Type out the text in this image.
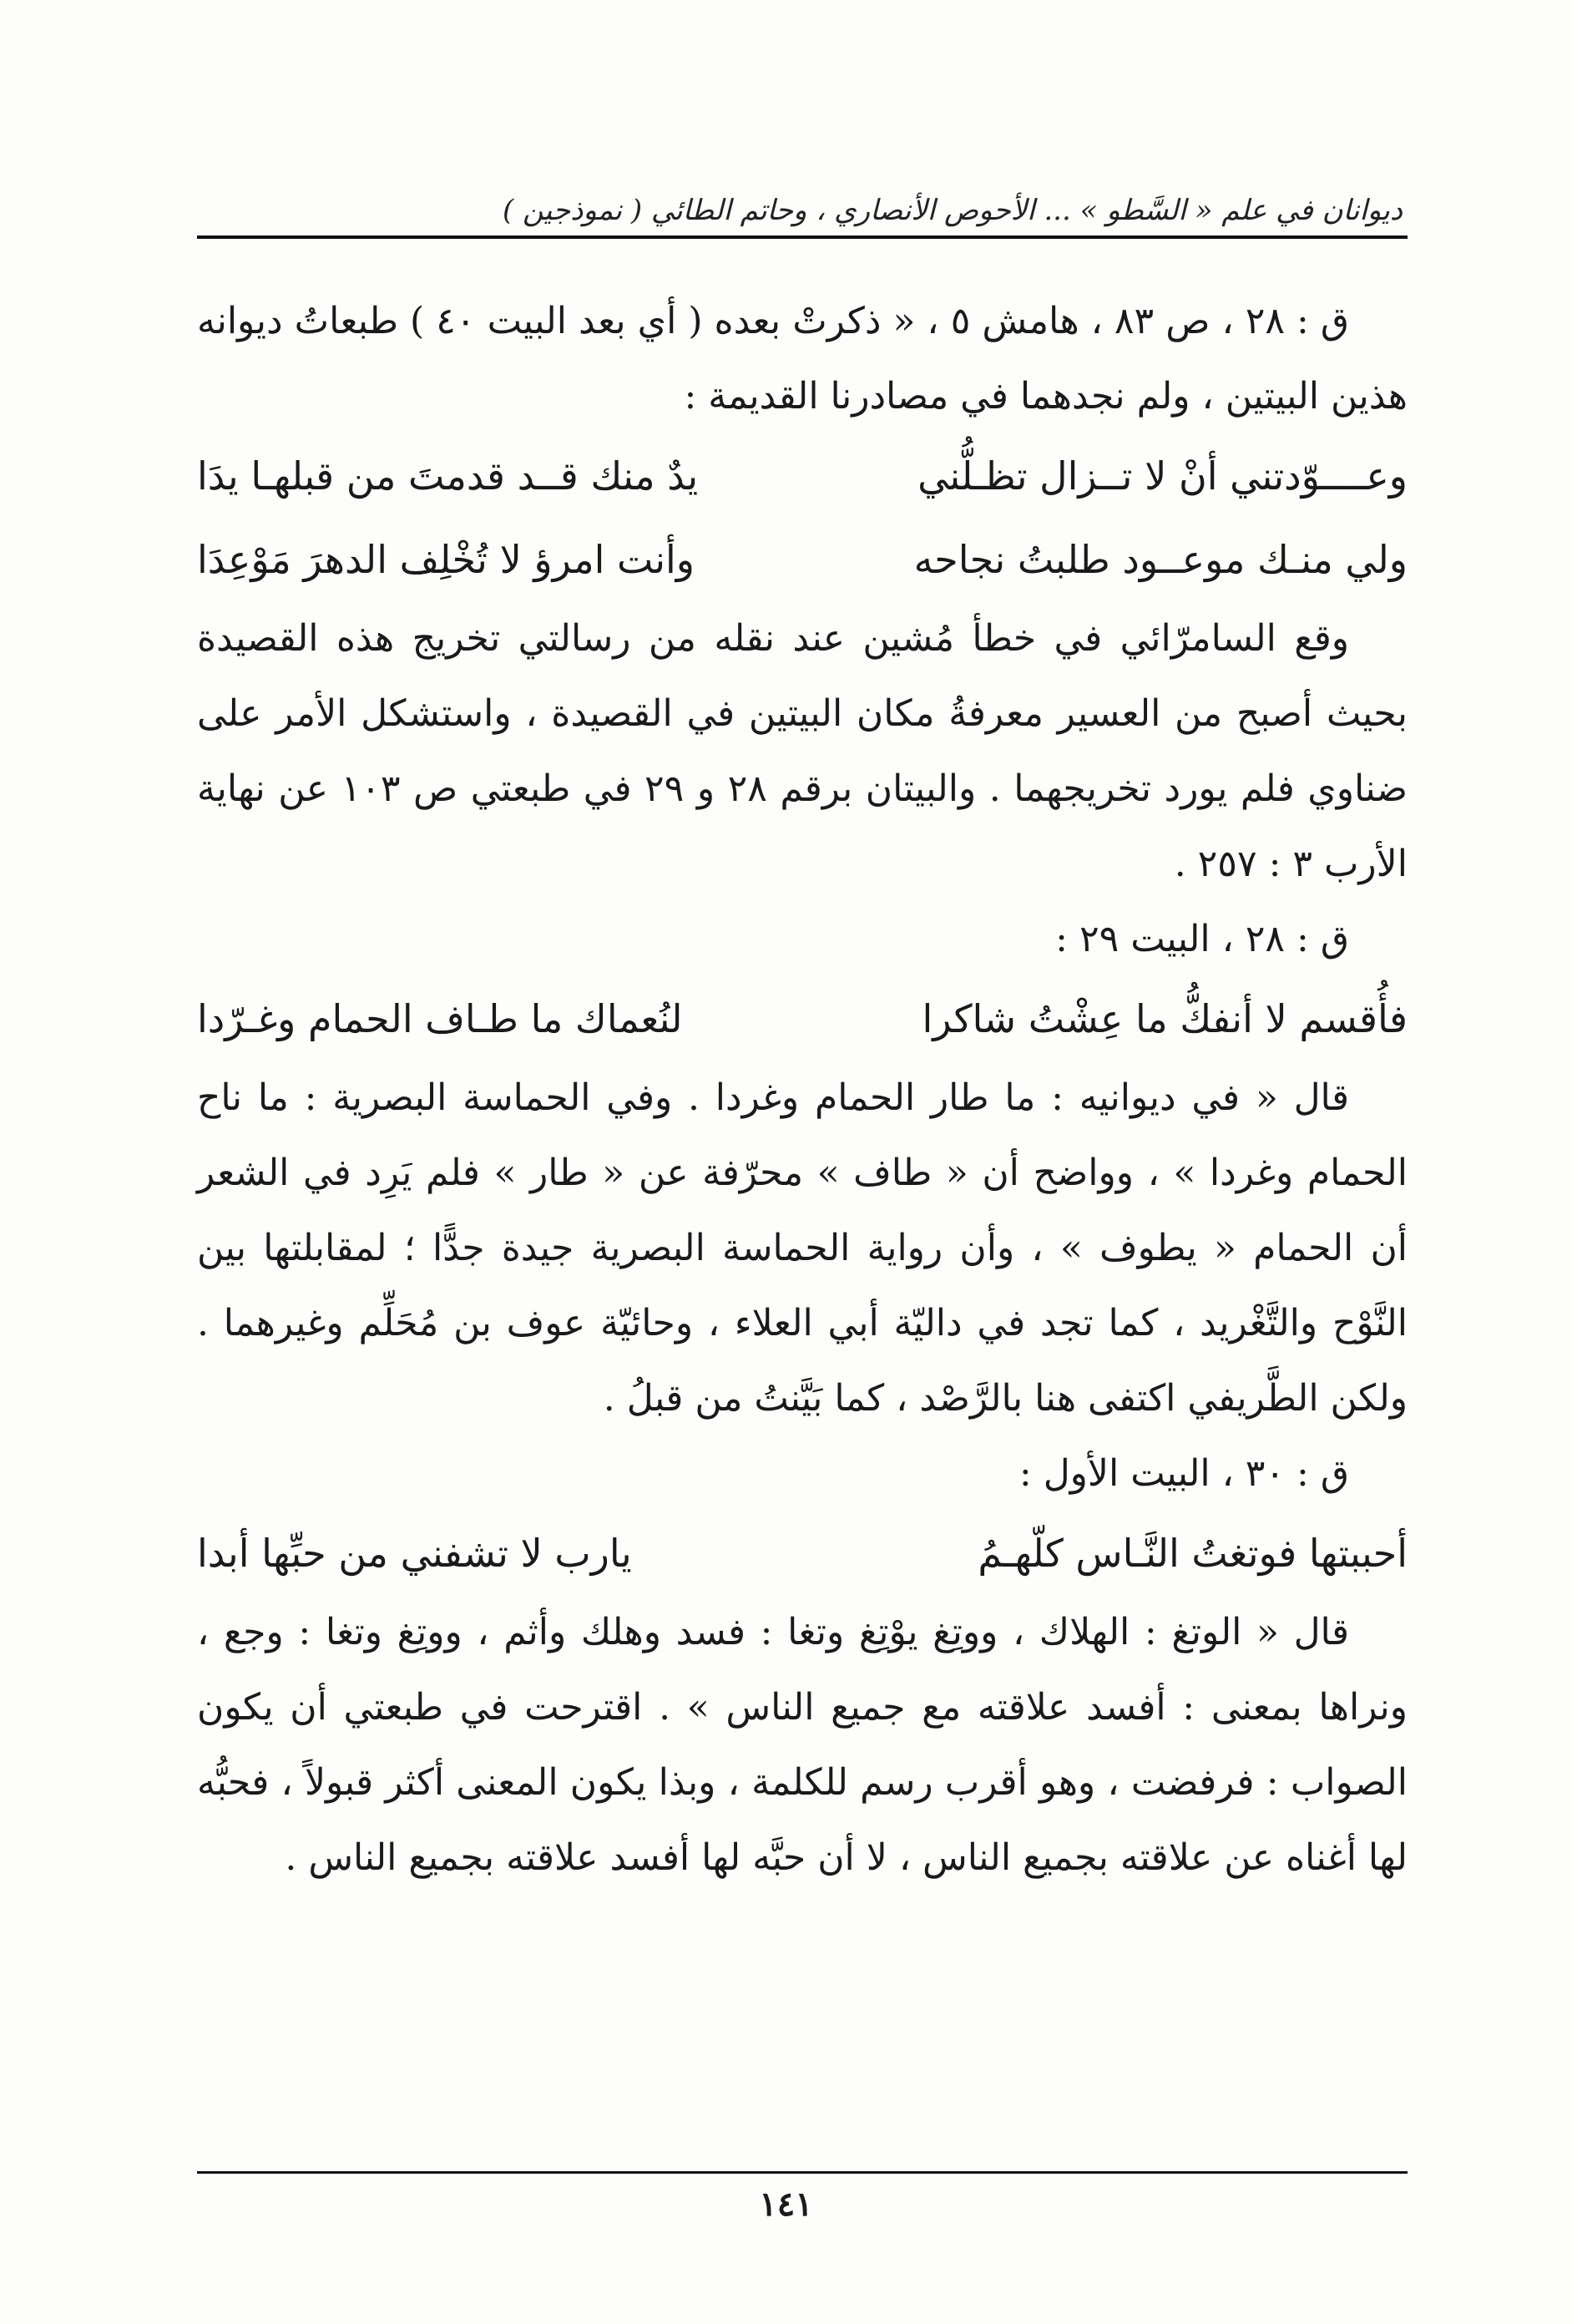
ديوانان في علم « السَّطو » ... الأحوص الأنصاري ، وحاتم الطائي ( نموذجين )

ق : ٢٨ ، ص ٨٣ ، هامش ٥ ، « ذكرتْ بعده ( أي بعد البيت ٤٠ ) طبعاتُ ديوانه هذين البيتين ، ولم نجدهما في مصادرنا القديمة :

وعــــوّدتني أنْ لا تــزال تظـلُّني
يدٌ منك قــد قدمتَ من قبلهـا يدَا
ولي منـك موعــود طلبتُ نجاحه
وأنت امرؤ لا تُخْلِف الدهرَ مَوْعِدَا

وقع السامرّائي في خطأ مُشين عند نقله من رسالتي تخريج هذه القصيدة بحيث أصبح من العسير معرفةُ مكان البيتين في القصيدة ، واستشكل الأمر على ضناوي فلم يورد تخريجهما . والبيتان برقم ٢٨ و ٢٩ في طبعتي ص ١٠٣ عن نهاية الأرب ٣ : ٢٥٧ .

ق : ٢٨ ، البيت ٢٩ :

فأُقسم لا أنفكُّ ما عِشْتُ شاكرا
لنُعماك ما طـاف الحمام وغـرّدا

قال « في ديوانيه : ما طار الحمام وغردا . وفي الحماسة البصرية : ما ناح الحمام وغردا » ، وواضح أن « طاف » محرّفة عن « طار » فلم يَرِد في الشعر أن الحمام « يطوف » ، وأن رواية الحماسة البصرية جيدة جدًّا ؛ لمقابلتها بين النَّوْح والتَّغْريد ، كما تجد في داليّة أبي العلاء ، وحائيّة عوف بن مُحَلِّم وغيرهما . ولكن الطَّريفي اكتفى هنا بالرَّصْد ، كما بَيَّنتُ من قبلُ .

ق : ٣٠ ، البيت الأول :

أحببتها فوتغتُ النَّـاس كلّهـمُ
يارب لا تشفني من حبِّها أبدا

قال « الوتغ : الهلاك ، ووتِغ يوْتِغ وتغا : فسد وهلك وأثم ، ووتِغ وتغا : وجع ، ونراها بمعنى : أفسد علاقته مع جميع الناس » . اقترحت في طبعتي أن يكون الصواب : فرفضت ، وهو أقرب رسم للكلمة ، وبذا يكون المعنى أكثر قبولاً ، فحبُّه لها أغناه عن علاقته بجميع الناس ، لا أن حبَّه لها أفسد علاقته بجميع الناس .

١٤١
